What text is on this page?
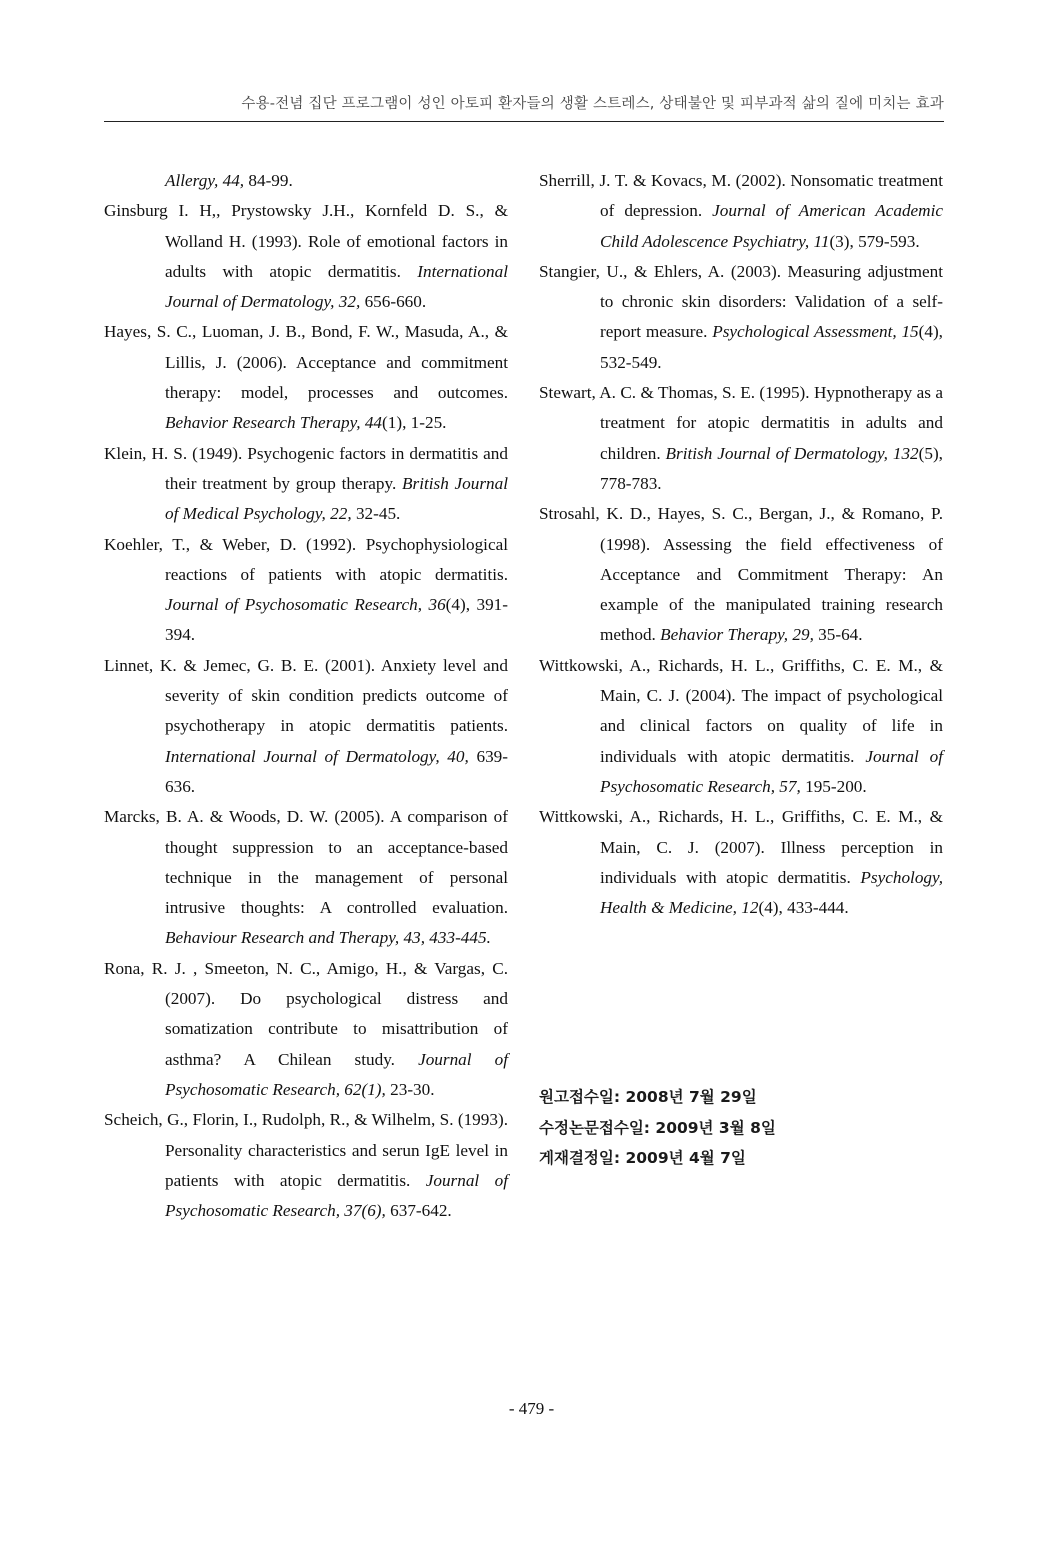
수용-전념 집단 프로그램이 성인 아토피 환자들의 생활 스트레스, 상태불안 및 피부과적 삶의 질에 미치는 효과

Allergy, 44, 84-99.

Ginsburg I. H,, Prystowsky J.H., Kornfeld D. S., & Wolland H. (1993). Role of emotional factors in adults with atopic dermatitis. International Journal of Dermatology, 32, 656-660.

Hayes, S. C., Luoman, J. B., Bond, F. W., Masuda, A., & Lillis, J. (2006). Acceptance and commitment therapy: model, processes and outcomes. Behavior Research Therapy, 44(1), 1-25.

Klein, H. S. (1949). Psychogenic factors in dermatitis and their treatment by group therapy. British Journal of Medical Psychology, 22, 32-45.

Koehler, T., & Weber, D. (1992). Psychophysiological reactions of patients with atopic dermatitis. Journal of Psychosomatic Research, 36(4), 391-394.

Linnet, K. & Jemec, G. B. E. (2001). Anxiety level and severity of skin condition predicts outcome of psychotherapy in atopic dermatitis patients. International Journal of Dermatology, 40, 639-636.

Marcks, B. A. & Woods, D. W. (2005). A comparison of thought suppression to an acceptance-based technique in the management of personal intrusive thoughts: A controlled evaluation. Behaviour Research and Therapy, 43, 433-445.

Rona, R. J. , Smeeton, N. C., Amigo, H., & Vargas, C. (2007). Do psychological distress and somatization contribute to misattribution of asthma? A Chilean study. Journal of Psychosomatic Research, 62(1), 23-30.

Scheich, G., Florin, I., Rudolph, R., & Wilhelm, S. (1993). Personality characteristics and serun IgE level in patients with atopic dermatitis. Journal of Psychosomatic Research, 37(6), 637-642.

Sherrill, J. T. & Kovacs, M. (2002). Nonsomatic treatment of depression. Journal of American Academic Child Adolescence Psychiatry, 11(3), 579-593.

Stangier, U., & Ehlers, A. (2003). Measuring adjustment to chronic skin disorders: Validation of a self-report measure. Psychological Assessment, 15(4), 532-549.

Stewart, A. C. & Thomas, S. E. (1995). Hypnotherapy as a treatment for atopic dermatitis in adults and children. British Journal of Dermatology, 132(5), 778-783.

Strosahl, K. D., Hayes, S. C., Bergan, J., & Romano, P. (1998). Assessing the field effectiveness of Acceptance and Commitment Therapy: An example of the manipulated training research method. Behavior Therapy, 29, 35-64.

Wittkowski, A., Richards, H. L., Griffiths, C. E. M., & Main, C. J. (2004). The impact of psychological and clinical factors on quality of life in individuals with atopic dermatitis. Journal of Psychosomatic Research, 57, 195-200.

Wittkowski, A., Richards, H. L., Griffiths, C. E. M., & Main, C. J. (2007). Illness perception in individuals with atopic dermatitis. Psychology, Health & Medicine, 12(4), 433-444.

원고접수일: 2008년 7월 29일
수정논문접수일: 2009년 3월 8일
게재결정일: 2009년 4월 7일
- 479 -
